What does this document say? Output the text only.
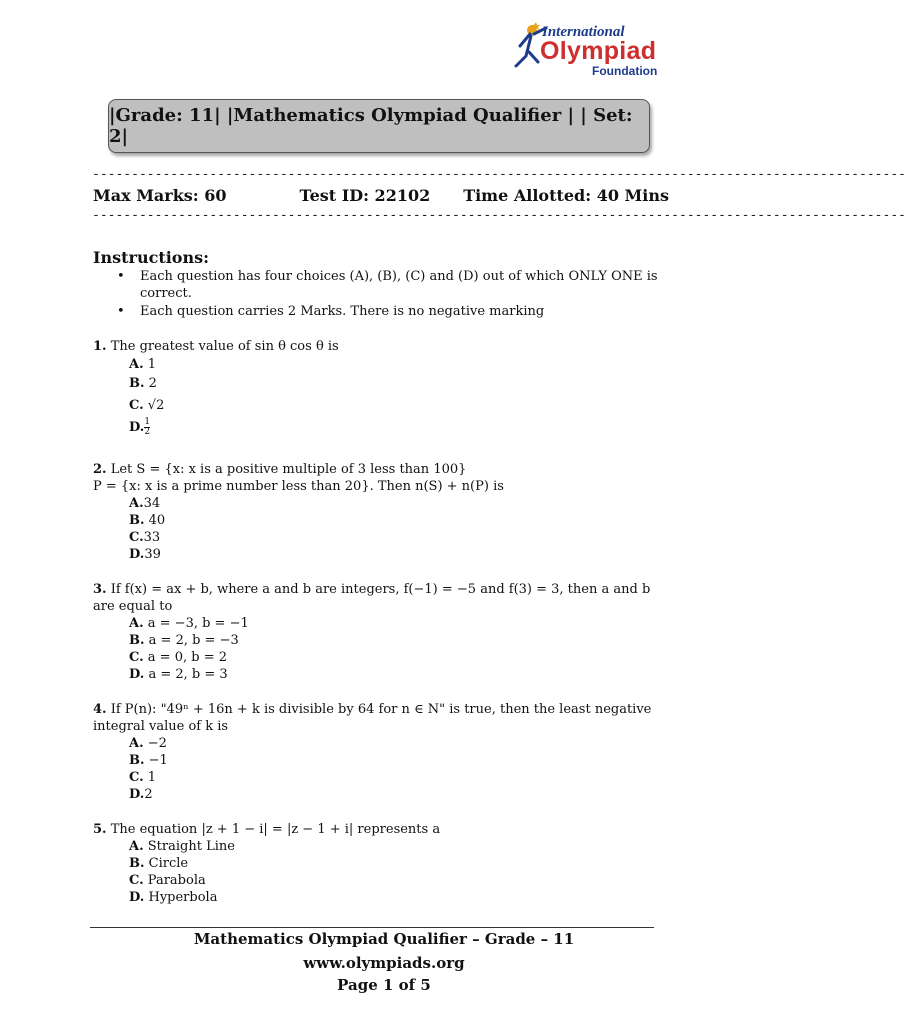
International
Olympiad
Foundation
|Grade: 11| |Mathematics Olympiad Qualifier | | Set: 2|
--------------------------------------------------------------------------------------------------------
Max Marks: 60	Test ID: 22102 Time Allotted: 40 Mins
--------------------------------------------------------------------------------------------------------
Instructions:
• Each question has four choices (A), (B), (C) and (D) out of which ONLY ONE is correct.
• Each question carries 2 Marks. There is no negative marking
1. The greatest value of sin θ cos θ is
A. 1
B. 2
C. √2
D. $\frac{1}{2}$
2. Let S = {x: x is a positive multiple of 3 less than 100}
P = {x: x is a prime number less than 20}. Then n(S) + n(P) is
A.34
B. 40
C.33
D.39
3. If f(x) = ax + b, where a and b are integers, f(−1) = −5 and f(3) = 3, then a and b
are equal to
A. a = −3, b = −1
B. a = 2, b = −3
C. a = 0, b = 2
D. a = 2, b = 3
4. If P(n): "49ⁿ + 16n + k is divisible by 64 for n ∈ N" is true, then the least negative
integral value of k is
A. −2
B. −1
C. 1
D.2
5. The equation |z + 1 − i| = |z − 1 + i| represents a
A. Straight Line
B. Circle
C. Parabola
D. Hyperbola
Mathematics Olympiad Qualifier – Grade – 11
www.olympiads.org
Page 1 of 5
